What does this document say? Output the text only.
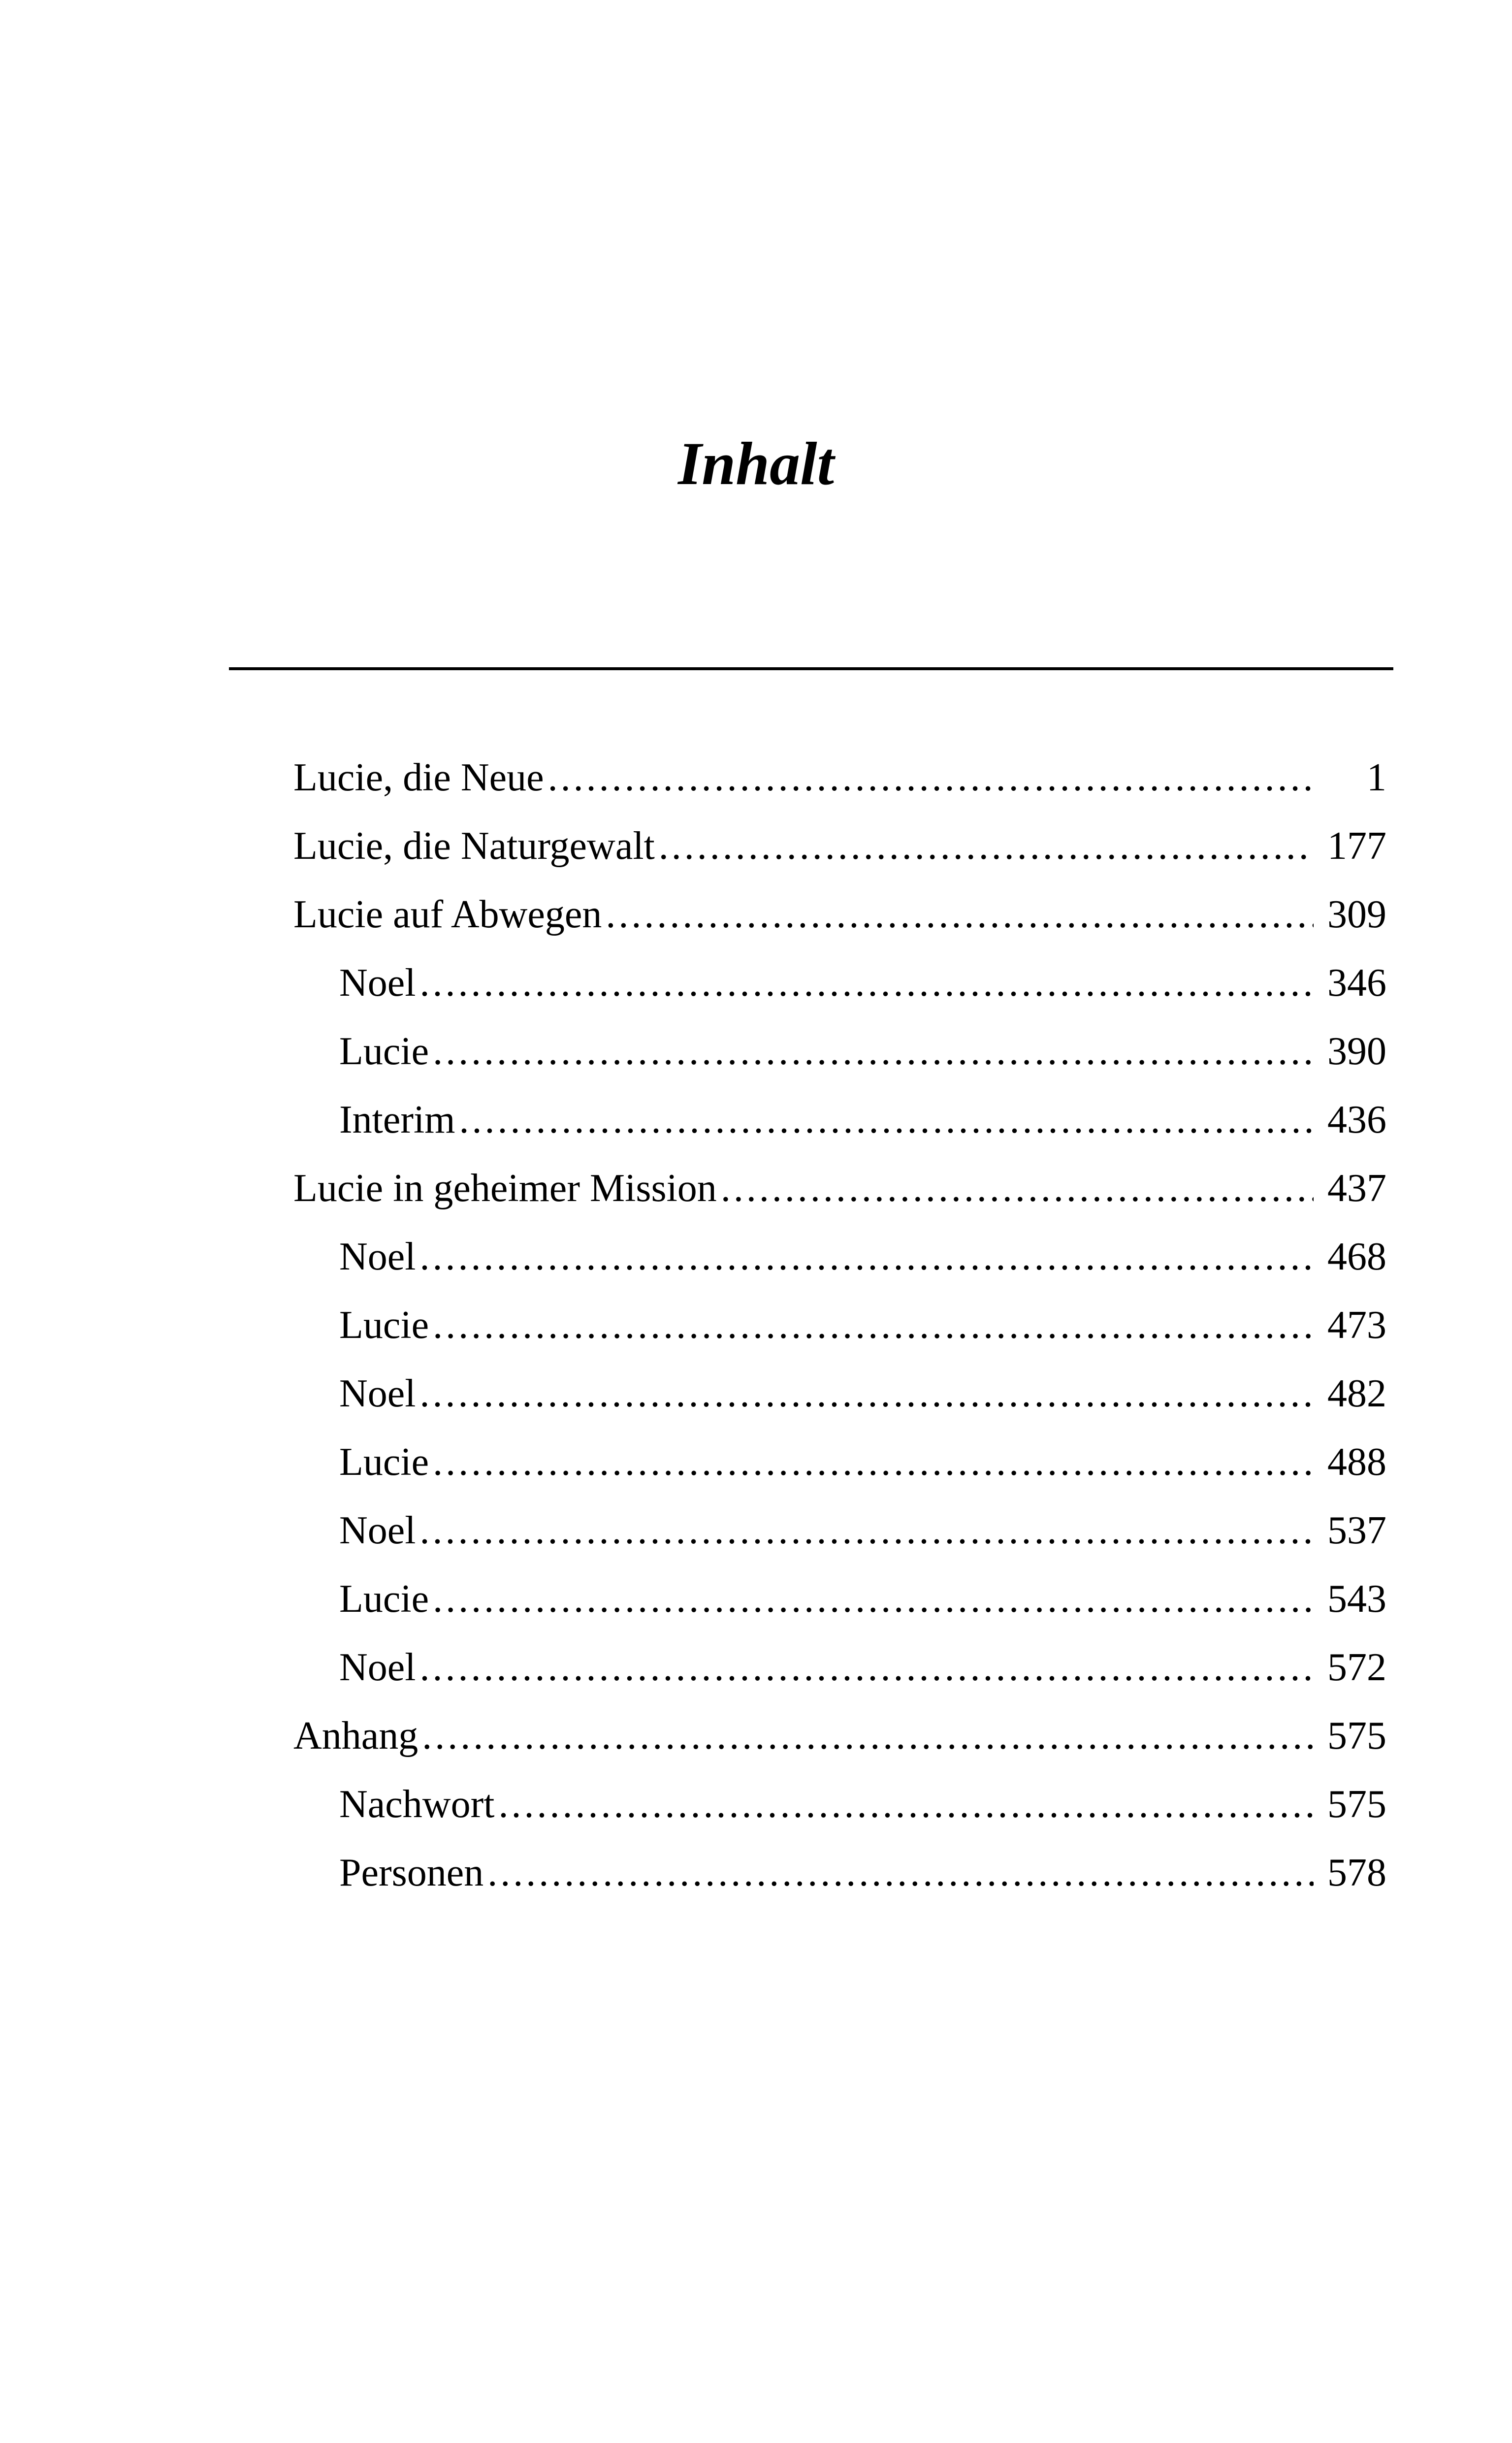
Inhalt
Lucie, die Neue .....	1
Lucie, die Naturgewalt .....	177
Lucie auf Abwegen .....	309
Noel .....	346
Lucie .....	390
Interim .....	436
Lucie in geheimer Mission .....	437
Noel .....	468
Lucie .....	473
Noel .....	482
Lucie .....	488
Noel .....	537
Lucie .....	543
Noel .....	572
Anhang .....	575
Nachwort .....	575
Personen .....	578
